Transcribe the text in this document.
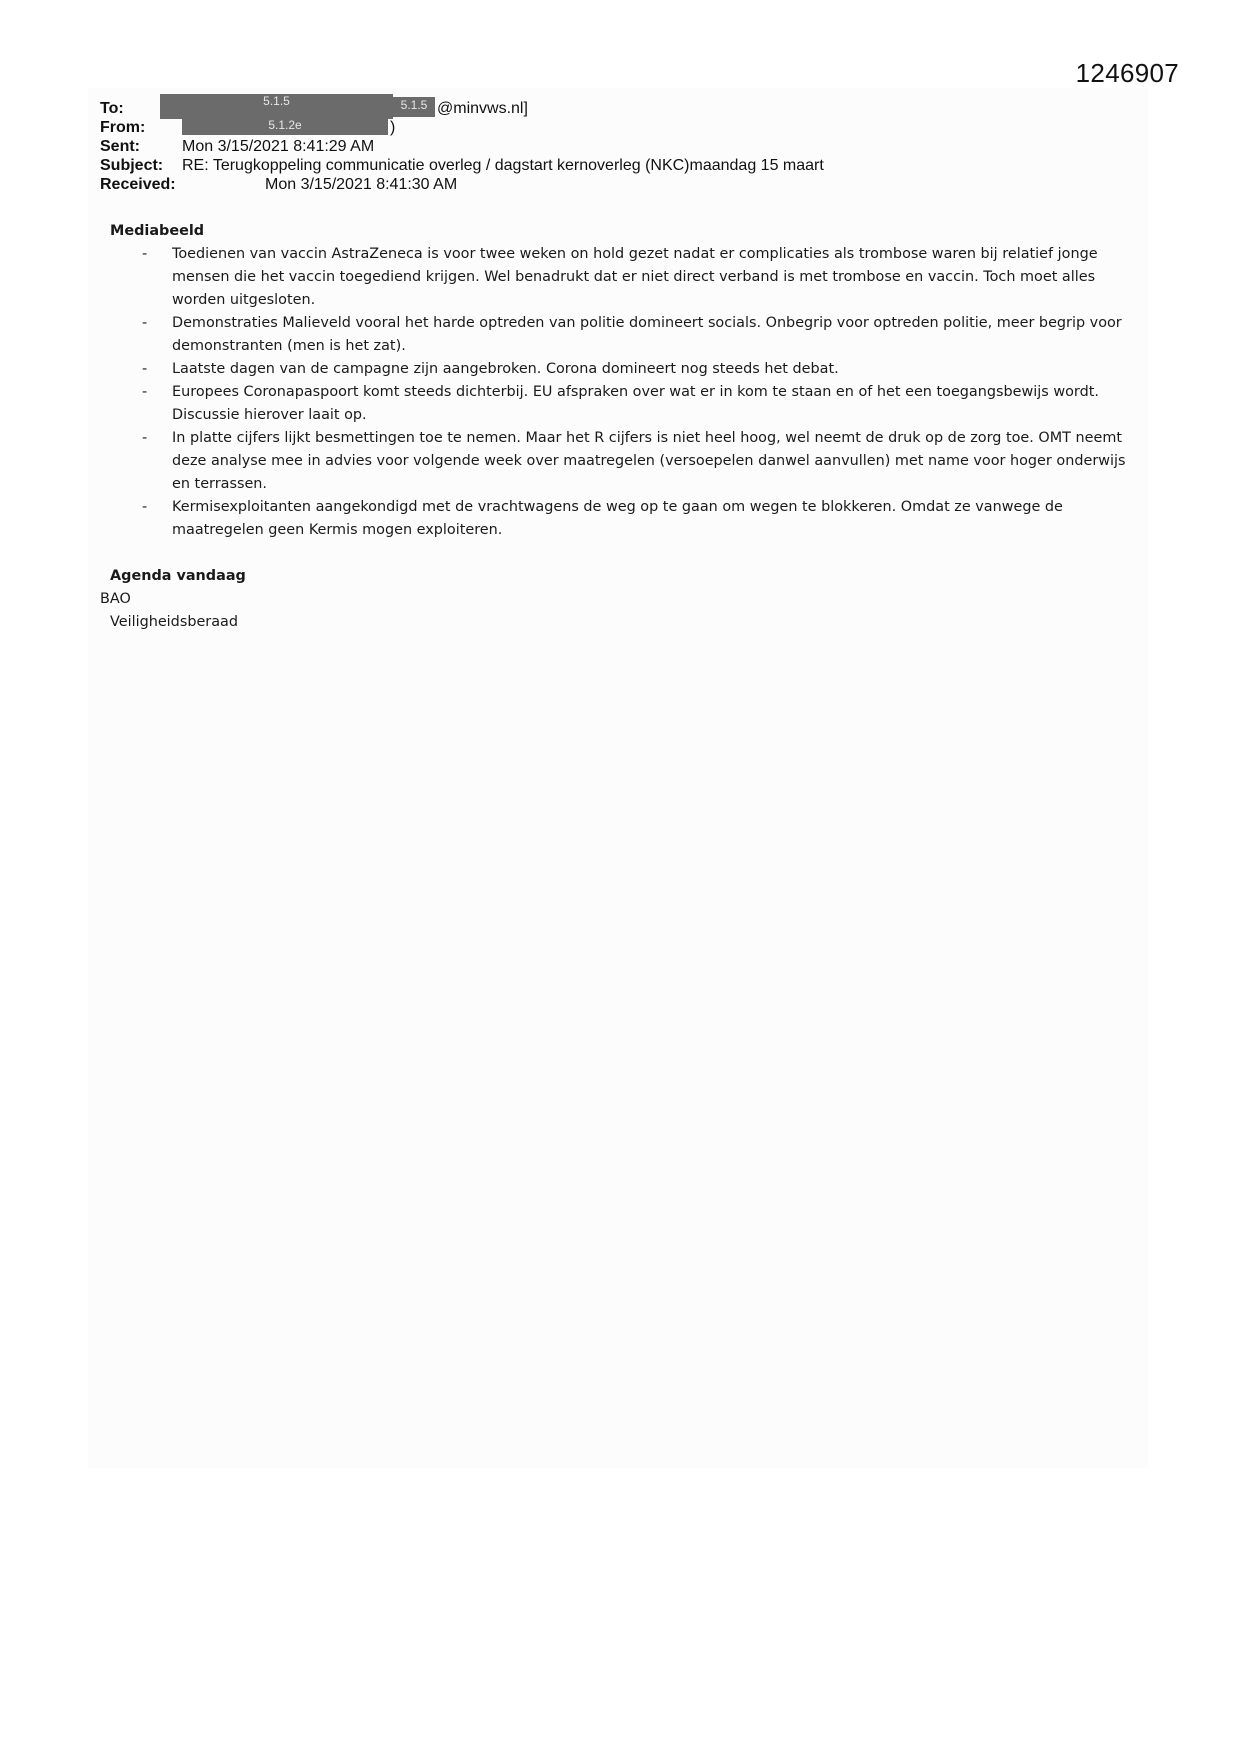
1246907
To:	5.1.5	5.1.5 @minvws.nl]
From:	5.1.2e	)
Sent:	Mon 3/15/2021 8:41:29 AM
Subject: RE: Terugkoppeling communicatie overleg / dagstart kernoverleg (NKC)maandag 15 maart
Received:	Mon 3/15/2021 8:41:30 AM
Mediabeeld
- Toedienen van vaccin AstraZeneca is voor twee weken on hold gezet nadat er complicaties als trombose waren bij relatief jonge mensen die het vaccin toegediend krijgen. Wel benadrukt dat er niet direct verband is met trombose en vaccin. Toch moet alles worden uitgesloten.
- Demonstraties Malieveld vooral het harde optreden van politie domineert socials. Onbegrip voor optreden politie, meer begrip voor demonstranten (men is het zat).
- Laatste dagen van de campagne zijn aangebroken. Corona domineert nog steeds het debat.
- Europees Coronapaspoort komt steeds dichterbij. EU afspraken over wat er in kom te staan en of het een toegangsbewijs wordt. Discussie hierover laait op.
- In platte cijfers lijkt besmettingen toe te nemen. Maar het R cijfers is niet heel hoog, wel neemt de druk op de zorg toe. OMT neemt deze analyse mee in advies voor volgende week over maatregelen (versoepelen danwel aanvullen) met name voor hoger onderwijs en terrassen.
- Kermisexploitanten aangekondigd met de vrachtwagens de weg op te gaan om wegen te blokkeren. Omdat ze vanwege de maatregelen geen Kermis mogen exploiteren.
Agenda vandaag
BAO
Veiligheidsberaad
